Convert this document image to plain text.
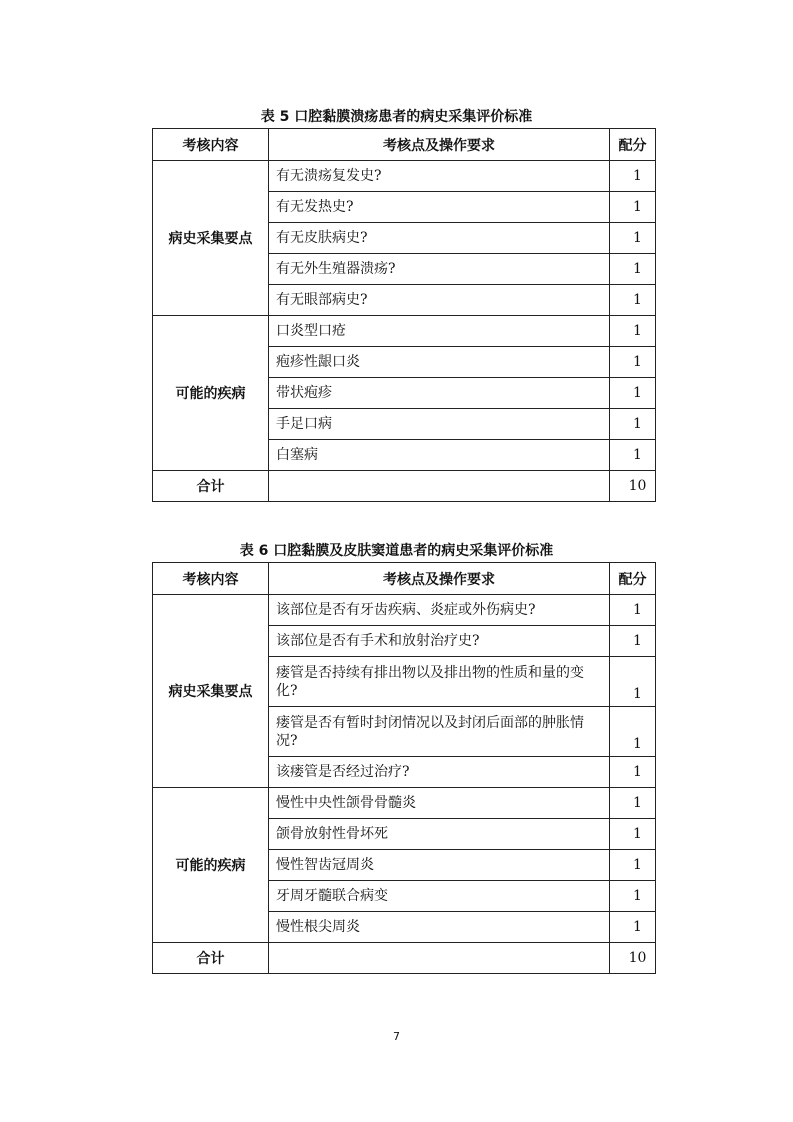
表 5 口腔黏膜溃疡患者的病史采集评价标准
考核内容	考核点及操作要求	配分
病史采集要点	有无溃疡复发史?	1
	有无发热史?	1
	有无皮肤病史?	1
	有无外生殖器溃疡?	1
	有无眼部病史?	1
可能的疾病	口炎型口疮	1
	疱疹性龈口炎	1
	带状疱疹	1
	手足口病	1
	白塞病	1
合计		10
表 6 口腔黏膜及皮肤窦道患者的病史采集评价标准
考核内容	考核点及操作要求	配分
病史采集要点	该部位是否有牙齿疾病、炎症或外伤病史?	1
	该部位是否有手术和放射治疗史?	1
	瘘管是否持续有排出物以及排出物的性质和量的变化?	1
	瘘管是否有暂时封闭情况以及封闭后面部的肿胀情况?	1
	该瘘管是否经过治疗?	1
可能的疾病	慢性中央性颌骨骨髓炎	1
	颌骨放射性骨坏死	1
	慢性智齿冠周炎	1
	牙周牙髓联合病变	1
	慢性根尖周炎	1
合计		10
7
